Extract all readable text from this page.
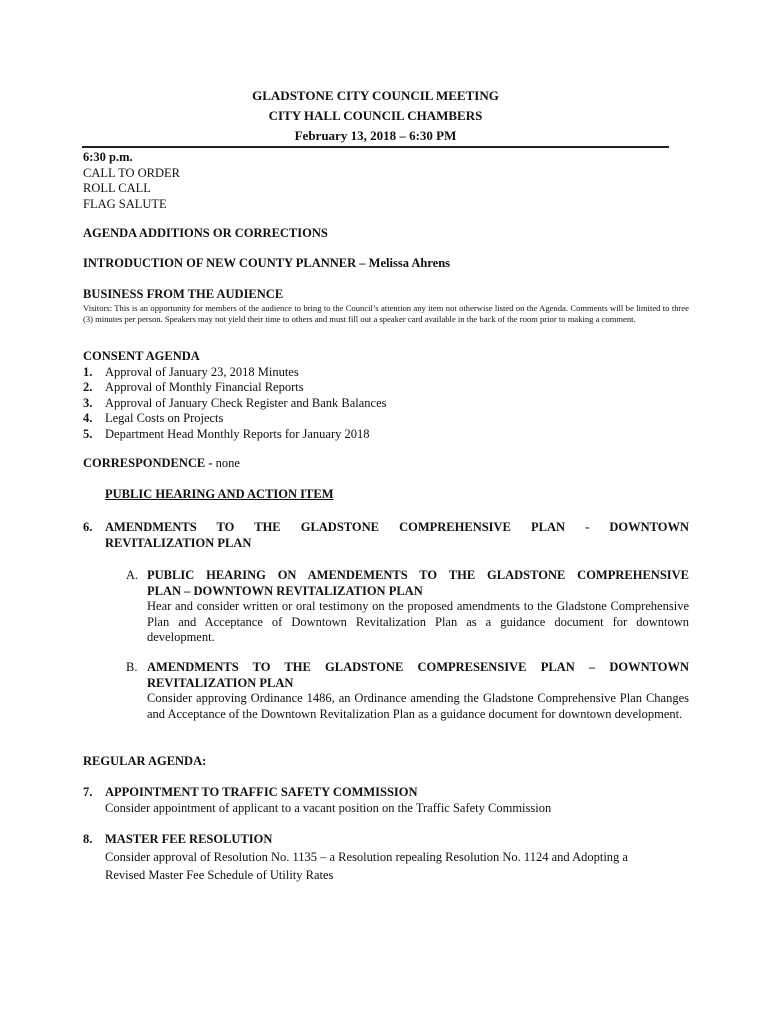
GLADSTONE CITY COUNCIL MEETING
CITY HALL COUNCIL CHAMBERS
February 13, 2018 – 6:30 PM
6:30 p.m.
CALL TO ORDER
ROLL CALL
FLAG SALUTE
AGENDA ADDITIONS OR CORRECTIONS
INTRODUCTION OF NEW COUNTY PLANNER – Melissa Ahrens
BUSINESS FROM THE AUDIENCE
Visitors: This is an opportunity for members of the audience to bring to the Council’s attention any item not otherwise listed on the Agenda. Comments will be limited to three (3) minutes per person. Speakers may not yield their time to others and must fill out a speaker card available in the back of the room prior to making a comment.
CONSENT AGENDA
1.	Approval of January 23, 2018 Minutes
2.	Approval of Monthly Financial Reports
3.	Approval of January Check Register and Bank Balances
4.	Legal Costs on Projects
5.	Department Head Monthly Reports for January 2018
CORRESPONDENCE - none
PUBLIC HEARING AND ACTION ITEM
6.	AMENDMENTS TO THE GLADSTONE COMPREHENSIVE PLAN - DOWNTOWN
REVITALIZATION PLAN
A. PUBLIC HEARING ON AMENDEMENTS TO THE GLADSTONE COMPREHENSIVE
PLAN – DOWNTOWN REVITALIZATION PLAN
Hear and consider written or oral testimony on the proposed amendments to the Gladstone Comprehensive Plan and Acceptance of Downtown Revitalization Plan as a guidance document for downtown development.
B. AMENDMENTS TO THE GLADSTONE COMPRESENSIVE PLAN – DOWNTOWN
REVITALIZATION PLAN
Consider approving Ordinance 1486, an Ordinance amending the Gladstone Comprehensive Plan Changes and Acceptance of the Downtown Revitalization Plan as a guidance document for downtown development.
REGULAR AGENDA:
7.	APPOINTMENT TO TRAFFIC SAFETY COMMISSION
Consider appointment of applicant to a vacant position on the Traffic Safety Commission
8.	MASTER FEE RESOLUTION
Consider approval of Resolution No. 1135 – a Resolution repealing Resolution No. 1124 and Adopting a
Revised Master Fee Schedule of Utility Rates
